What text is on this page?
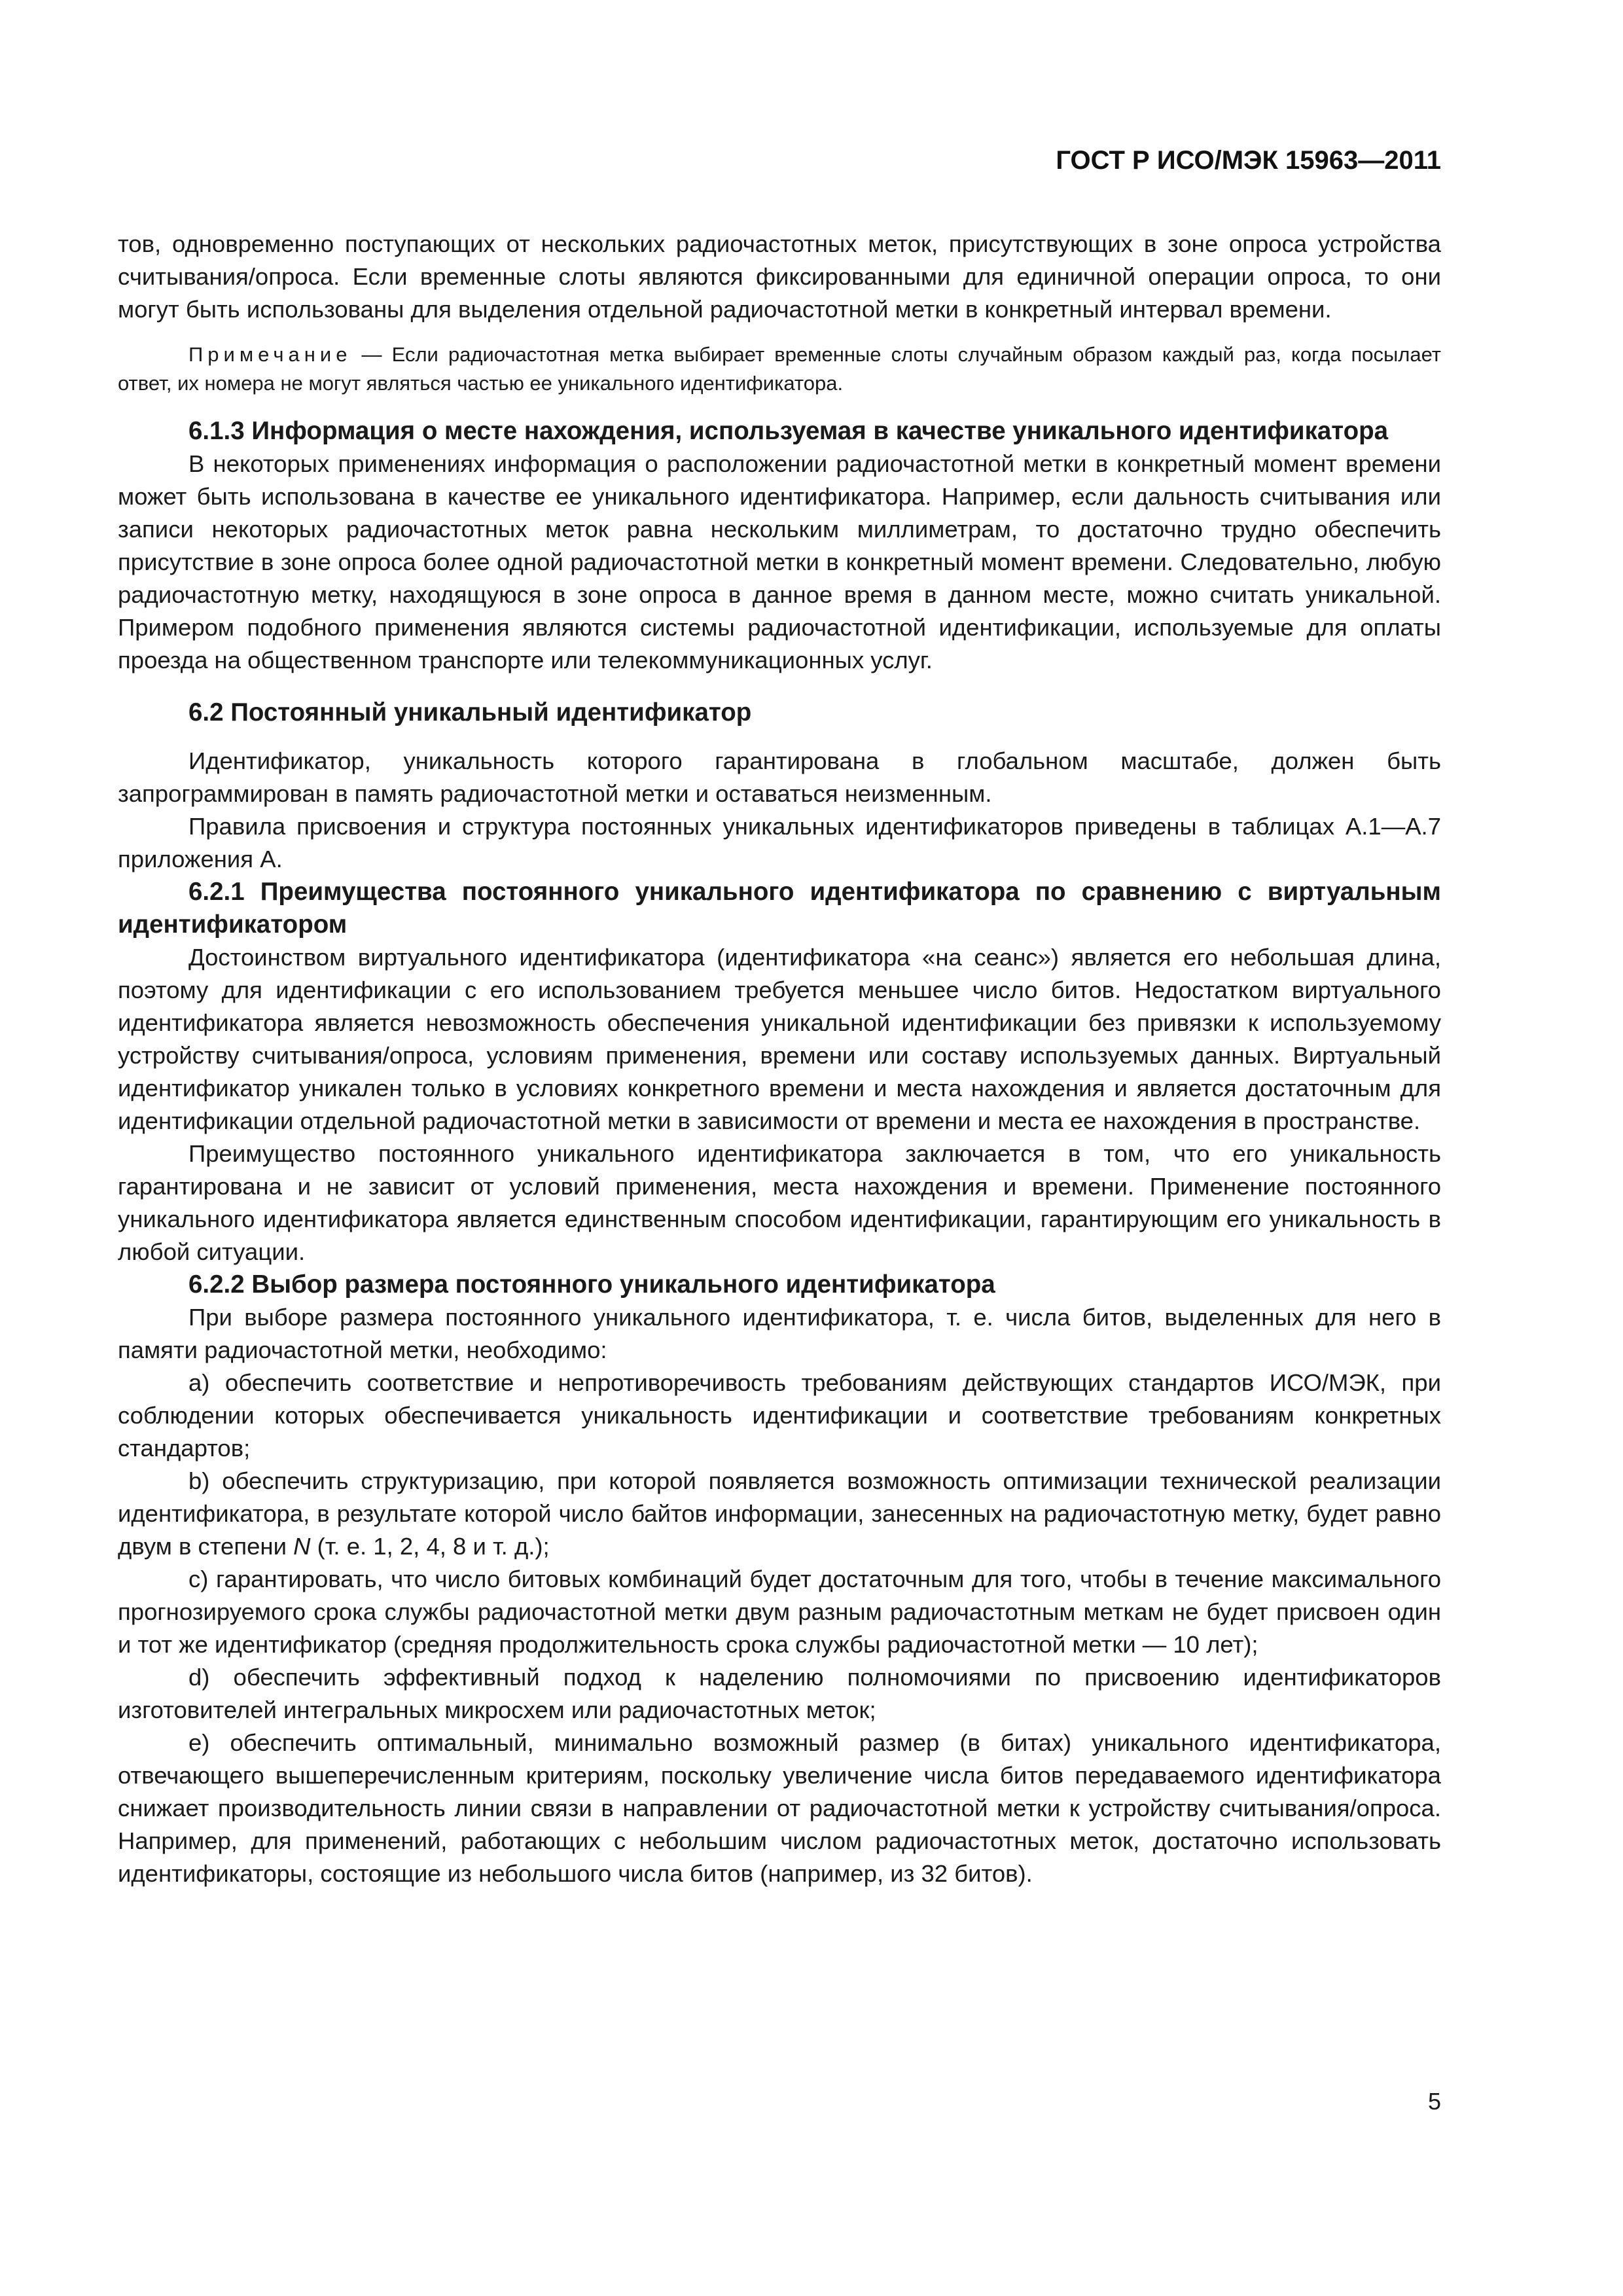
ГОСТ Р ИСО/МЭК 15963—2011

тов, одновременно поступающих от нескольких радиочастотных меток, присутствующих в зоне опроса устройства считывания/опроса. Если временные слоты являются фиксированными для единичной операции опроса, то они могут быть использованы для выделения отдельной радиочастотной метки в конкретный интервал времени.

Примечание — Если радиочастотная метка выбирает временные слоты случайным образом каждый раз, когда посылает ответ, их номера не могут являться частью ее уникального идентификатора.

6.1.3 Информация о месте нахождения, используемая в качестве уникального идентификатора

В некоторых применениях информация о расположении радиочастотной метки в конкретный момент времени может быть использована в качестве ее уникального идентификатора. Например, если дальность считывания или записи некоторых радиочастотных меток равна нескольким миллиметрам, то достаточно трудно обеспечить присутствие в зоне опроса более одной радиочастотной метки в конкретный момент времени. Следовательно, любую радиочастотную метку, находящуюся в зоне опроса в данное время в данном месте, можно считать уникальной. Примером подобного применения являются системы радиочастотной идентификации, используемые для оплаты проезда на общественном транспорте или телекоммуникационных услуг.

6.2 Постоянный уникальный идентификатор

Идентификатор, уникальность которого гарантирована в глобальном масштабе, должен быть запрограммирован в память радиочастотной метки и оставаться неизменным.

Правила присвоения и структура постоянных уникальных идентификаторов приведены в таблицах А.1—А.7 приложения А.

6.2.1 Преимущества постоянного уникального идентификатора по сравнению с виртуальным идентификатором

Достоинством виртуального идентификатора (идентификатора «на сеанс») является его небольшая длина, поэтому для идентификации с его использованием требуется меньшее число битов. Недостатком виртуального идентификатора является невозможность обеспечения уникальной идентификации без привязки к используемому устройству считывания/опроса, условиям применения, времени или составу используемых данных. Виртуальный идентификатор уникален только в условиях конкретного времени и места нахождения и является достаточным для идентификации отдельной радиочастотной метки в зависимости от времени и места ее нахождения в пространстве.

Преимущество постоянного уникального идентификатора заключается в том, что его уникальность гарантирована и не зависит от условий применения, места нахождения и времени. Применение постоянного уникального идентификатора является единственным способом идентификации, гарантирующим его уникальность в любой ситуации.

6.2.2 Выбор размера постоянного уникального идентификатора

При выборе размера постоянного уникального идентификатора, т. е. числа битов, выделенных для него в памяти радиочастотной метки, необходимо:

а) обеспечить соответствие и непротиворечивость требованиям действующих стандартов ИСО/МЭК, при соблюдении которых обеспечивается уникальность идентификации и соответствие требованиям конкретных стандартов;

b) обеспечить структуризацию, при которой появляется возможность оптимизации технической реализации идентификатора, в результате которой число байтов информации, занесенных на радиочастотную метку, будет равно двум в степени N (т. е. 1, 2, 4, 8 и т. д.);

с) гарантировать, что число битовых комбинаций будет достаточным для того, чтобы в течение максимального прогнозируемого срока службы радиочастотной метки двум разным радиочастотным меткам не будет присвоен один и тот же идентификатор (средняя продолжительность срока службы радиочастотной метки — 10 лет);

d) обеспечить эффективный подход к наделению полномочиями по присвоению идентификаторов изготовителей интегральных микросхем или радиочастотных меток;

е) обеспечить оптимальный, минимально возможный размер (в битах) уникального идентификатора, отвечающего вышеперечисленным критериям, поскольку увеличение числа битов передаваемого идентификатора снижает производительность линии связи в направлении от радиочастотной метки к устройству считывания/опроса. Например, для применений, работающих с небольшим числом радиочастотных меток, достаточно использовать идентификаторы, состоящие из небольшого числа битов (например, из 32 битов).

5
